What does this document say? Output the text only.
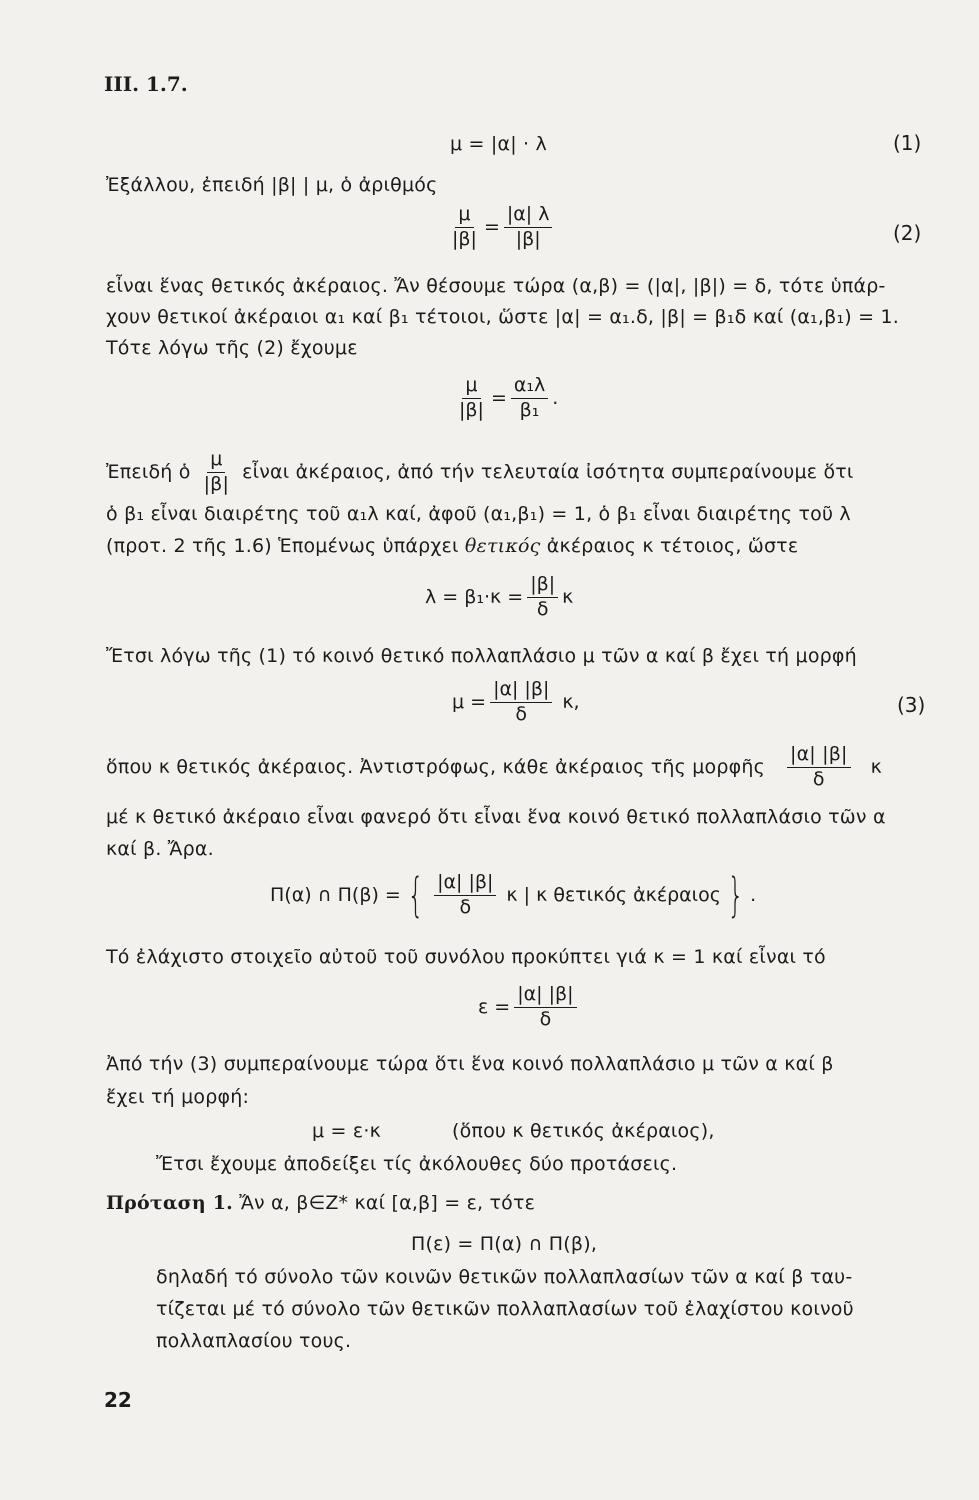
ΙΙΙ. 1.7.
μ = |α| · λ	(1)
Ἐξάλλου, ἐπειδή |β| | μ, ὁ ἀριθμός
$\frac{\mu}{|\beta|} = \frac{|\alpha| \lambda}{|\beta|}$	(2)
εἶναι ἕνας θετικός ἀκέραιος. Ἄν θέσουμε τώρα (α,β) = (|α|, |β|) = δ, τότε ὑπάρ-
χουν θετικοί ἀκέραιοι α₁ καί β₁ τέτοιοι, ὥστε |α| = α₁.δ, |β| = β₁δ καί (α₁,β₁) = 1.
Τότε λόγω τῆς (2) ἔχουμε
$\frac{\mu}{|\beta|} = \frac{\text{α₁λ}}{\text{β₁}}$ .
Ἐπειδή ὁ $\frac{\mu}{|\beta|}$ εἶναι ἀκέραιος, ἀπό τήν τελευταία ἰσότητα συμπεραίνουμε ὅτι
ὁ β₁ εἶναι διαιρέτης τοῦ α₁λ καί, ἀφοῦ (α₁,β₁) = 1, ὁ β₁ εἶναι διαιρέτης τοῦ λ
(προτ. 2 τῆς 1.6) Ἑπομένως ὑπάρχει θετικός ἀκέραιος κ τέτοιος, ὥστε
$\lambda = \beta_1\cdot\kappa = \frac{|\beta|}{\delta}$ κ
Ἔτσι λόγω τῆς (1) τό κοινό θετικό πολλαπλάσιο μ τῶν α καί β ἔχει τή μορφή
$\mu = \frac{|\alpha| |\beta|}{\delta} \kappa$,	(3)
ὅπου κ θετικός ἀκέραιος. Ἀντιστρόφως, κάθε ἀκέραιος τῆς μορφῆς $\frac{|\alpha| |\beta|}{\delta}$ κ
μέ κ θετικό ἀκέραιο εἶναι φανερό ὅτι εἶναι ἕνα κοινό θετικό πολλαπλάσιο τῶν α
καί β. Ἄρα.
Π(α) ∩ Π(β) = { $\frac{|\alpha| |\beta|}{\delta}$ κ | κ θετικός ἀκέραιος } .
Τό ἐλάχιστο στοιχεῖο αὐτοῦ τοῦ συνόλου προκύπτει γιά κ = 1 καί εἶναι τό
$\varepsilon = \frac{|\alpha| |\beta|}{\delta}$
Ἀπό τήν (3) συμπεραίνουμε τώρα ὅτι ἕνα κοινό πολλαπλάσιο μ τῶν α καί β
ἔχει τή μορφή:
μ = ε·κ	(ὅπου κ θετικός ἀκέραιος),
Ἔτσι ἔχουμε ἀποδείξει τίς ἀκόλουθες δύο προτάσεις.
Πρόταση 1. Ἄν α, β∈Z* καί [α,β] = ε, τότε
Π(ε) = Π(α) ∩ Π(β),
δηλαδή τό σύνολο τῶν κοινῶν θετικῶν πολλαπλασίων τῶν α καί β ταυ-
τίζεται μέ τό σύνολο τῶν θετικῶν πολλαπλασίων τοῦ ἐλαχίστου κοινοῦ
πολλαπλασίου τους.
22
